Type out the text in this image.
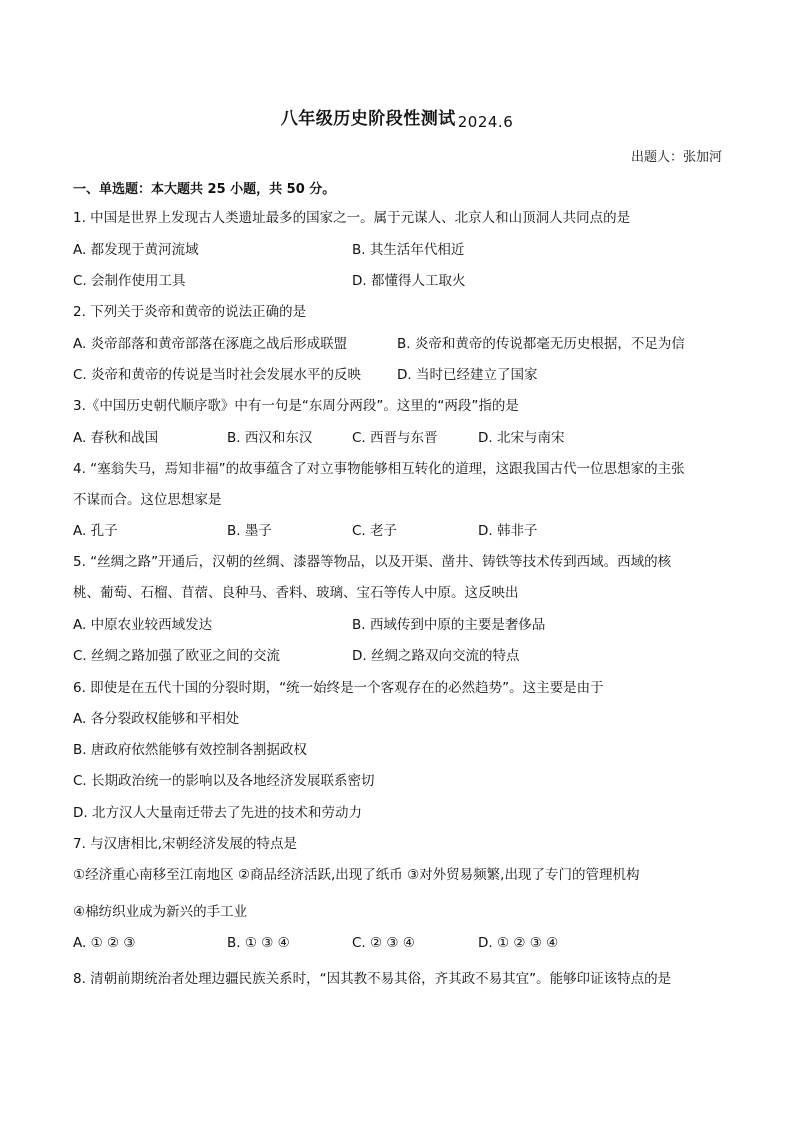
八年级历史阶段性测试 2024.6
出题人：张加河
一、单选题：本大题共 25 小题，共 50 分。
1. 中国是世界上发现古人类遗址最多的国家之一。属于元谋人、北京人和山顶洞人共同点的是
A. 都发现于黄河流域	B. 其生活年代相近
C. 会制作使用工具	D. 都懂得人工取火
2. 下列关于炎帝和黄帝的说法正确的是
A. 炎帝部落和黄帝部落在涿鹿之战后形成联盟	B. 炎帝和黄帝的传说都毫无历史根据，不足为信
C. 炎帝和黄帝的传说是当时社会发展水平的反映	D. 当时已经建立了国家
3.《中国历史朝代顺序歌》中有一句是“东周分两段”。这里的“两段”指的是
A. 春秋和战国	B. 西汉和东汉	C. 西晋与东晋	D. 北宋与南宋
4. “塞翁失马，焉知非福”的故事蕴含了对立事物能够相互转化的道理，这跟我国古代一位思想家的主张
不谋而合。这位思想家是
A. 孔子	B. 墨子	C. 老子	D. 韩非子
5. “丝绸之路”开通后，汉朝的丝绸、漆器等物品，以及开渠、凿井、铸铁等技术传到西域。西域的核
桃、葡萄、石榴、苜蓿、良种马、香料、玻璃、宝石等传人中原。这反映出
A. 中原农业较西域发达	B. 西域传到中原的主要是奢侈品
C. 丝绸之路加强了欧亚之间的交流	D. 丝绸之路双向交流的特点
6. 即使是在五代十国的分裂时期，“统一始终是一个客观存在的必然趋势”。这主要是由于
A. 各分裂政权能够和平相处
B. 唐政府依然能够有效控制各割据政权
C. 长期政治统一的影响以及各地经济发展联系密切
D. 北方汉人大量南迁带去了先进的技术和劳动力
7. 与汉唐相比,宋朝经济发展的特点是
①经济重心南移至江南地区 ②商品经济活跃,出现了纸币 ③对外贸易频繁,出现了专门的管理机构
④棉纺织业成为新兴的手工业
A. ① ② ③	B. ① ③ ④	C. ② ③ ④	D. ① ② ③ ④
8. 清朝前期统治者处理边疆民族关系时，“因其教不易其俗，齐其政不易其宜”。能够印证该特点的是
